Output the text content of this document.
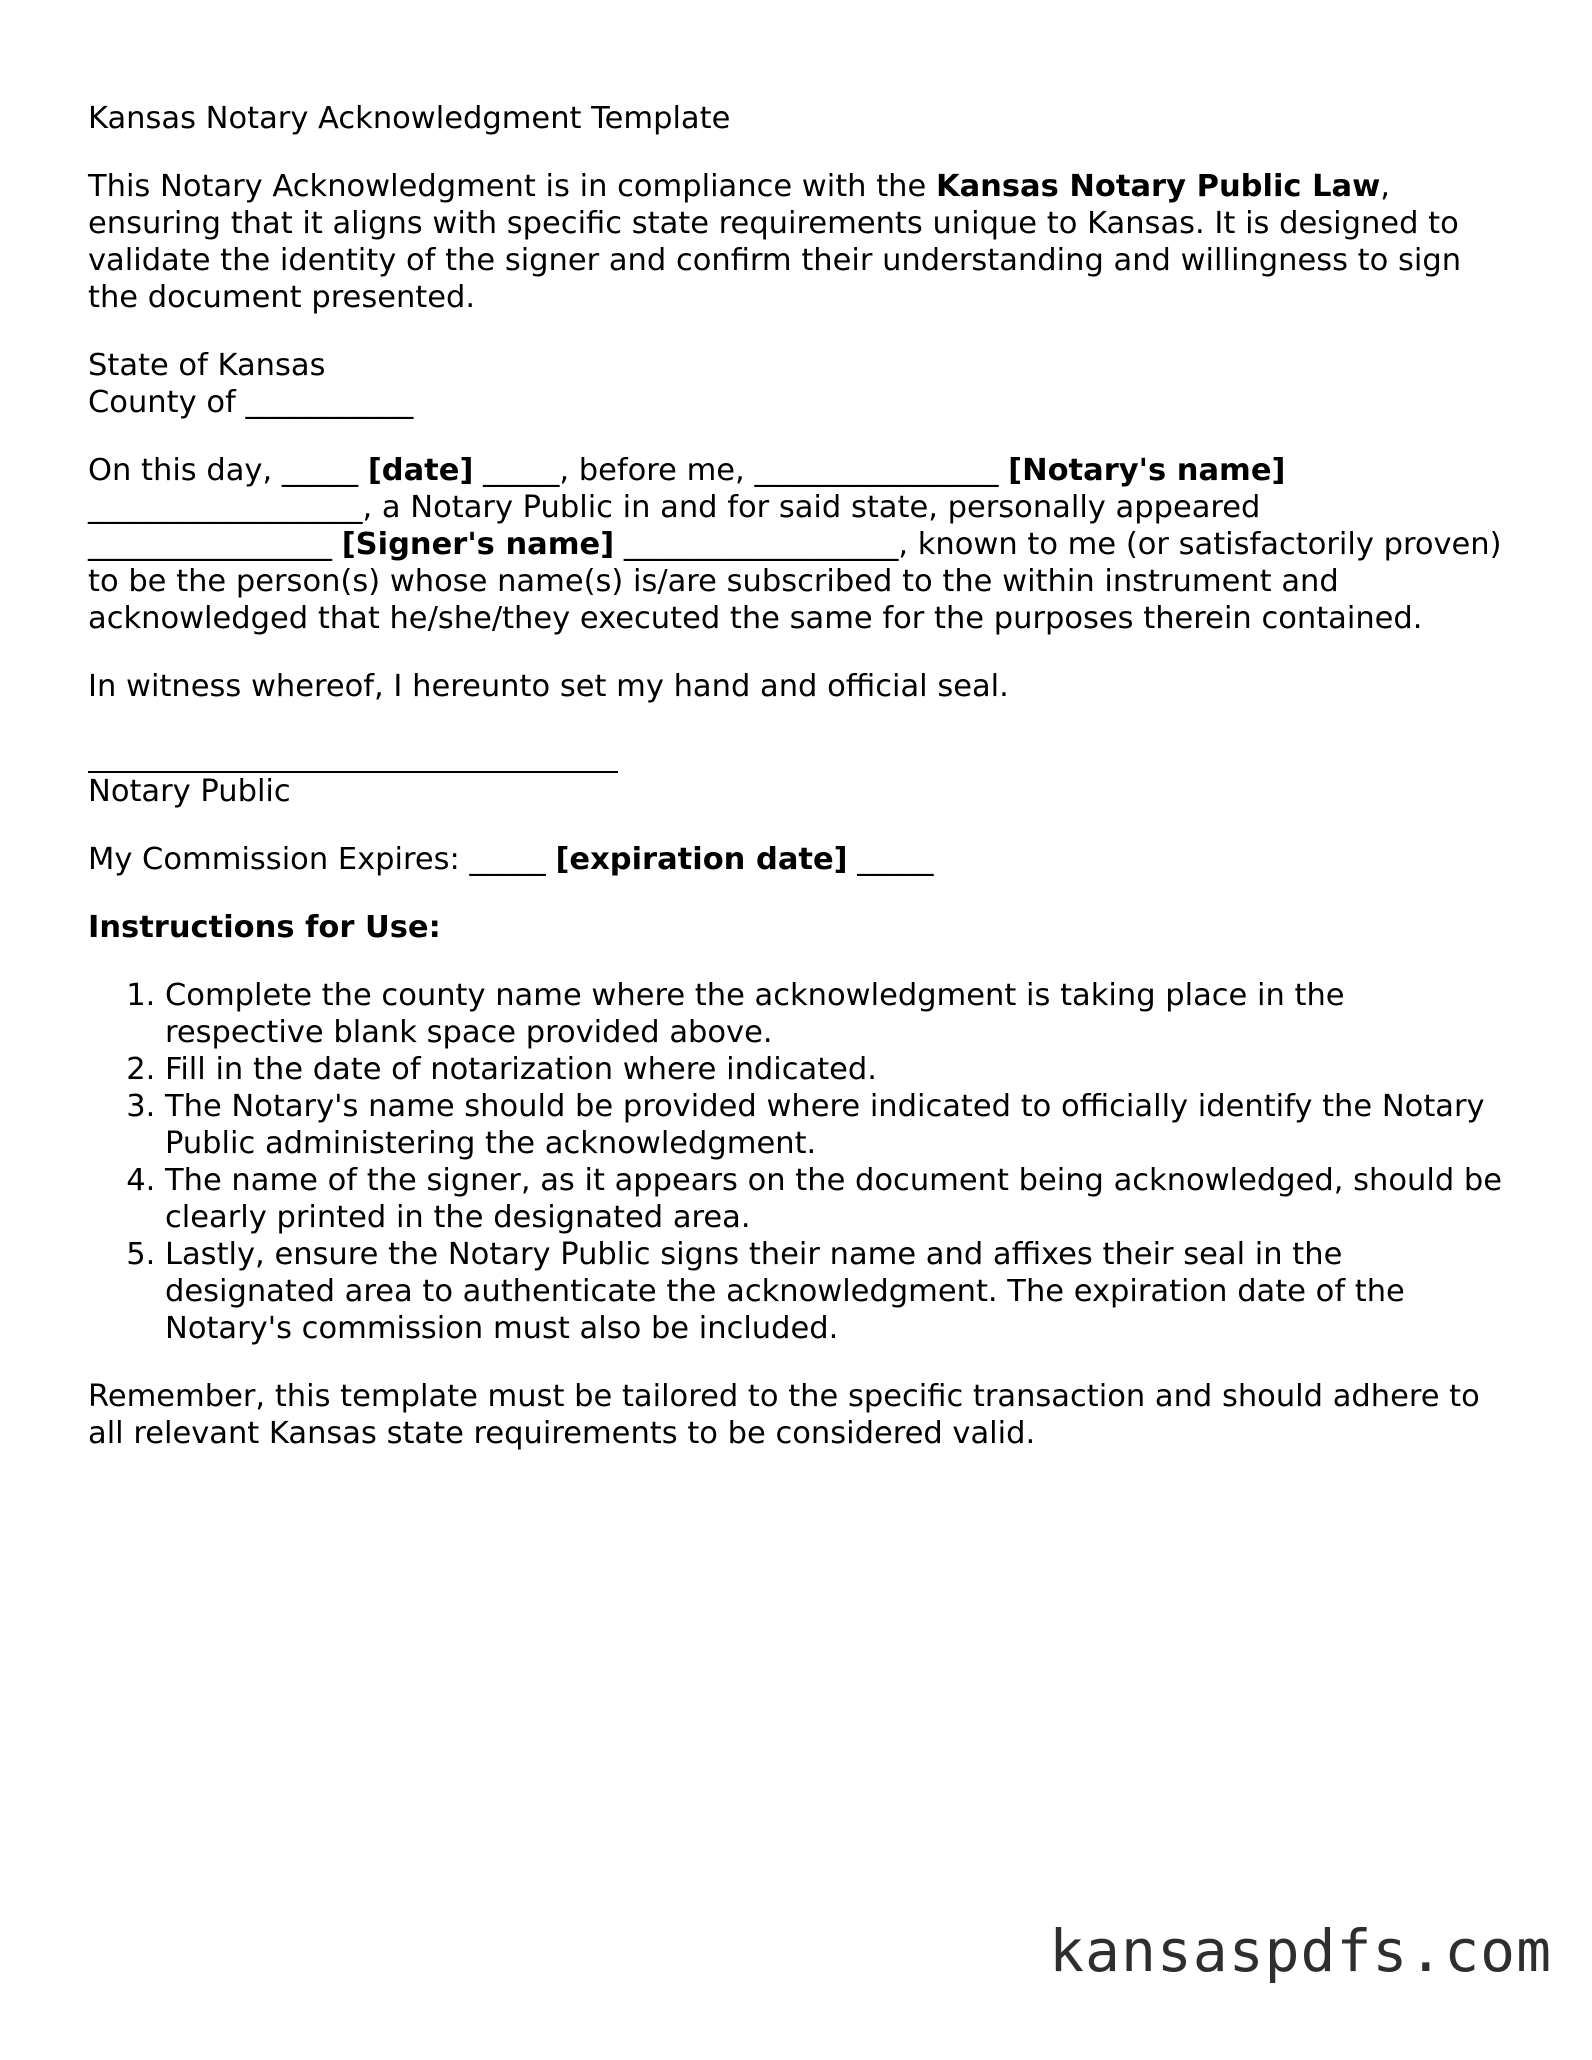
Kansas Notary Acknowledgment Template

This Notary Acknowledgment is in compliance with the Kansas Notary Public Law, ensuring that it aligns with specific state requirements unique to Kansas. It is designed to validate the identity of the signer and confirm their understanding and willingness to sign the document presented.

State of Kansas
County of ___________

On this day, _____ [date] _____, before me, ________________ [Notary's name] __________________, a Notary Public in and for said state, personally appeared ________________ [Signer's name] __________________, known to me (or satisfactorily proven) to be the person(s) whose name(s) is/are subscribed to the within instrument and acknowledged that he/she/they executed the same for the purposes therein contained.

In witness whereof, I hereunto set my hand and official seal.

Notary Public

My Commission Expires: _____ [expiration date] _____

Instructions for Use:

1. Complete the county name where the acknowledgment is taking place in the respective blank space provided above.
2. Fill in the date of notarization where indicated.
3. The Notary's name should be provided where indicated to officially identify the Notary Public administering the acknowledgment.
4. The name of the signer, as it appears on the document being acknowledged, should be clearly printed in the designated area.
5. Lastly, ensure the Notary Public signs their name and affixes their seal in the designated area to authenticate the acknowledgment. The expiration date of the Notary's commission must also be included.

Remember, this template must be tailored to the specific transaction and should adhere to all relevant Kansas state requirements to be considered valid.

kansaspdfs.com
